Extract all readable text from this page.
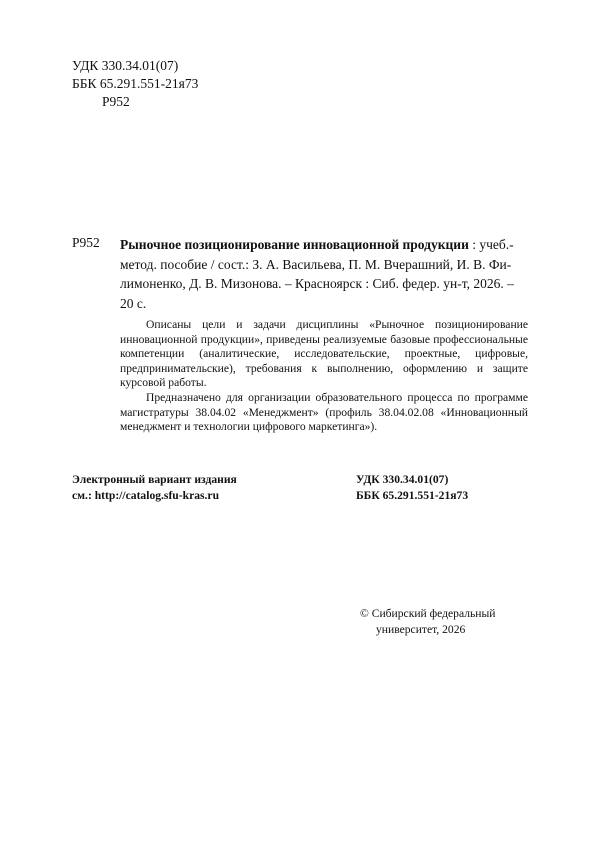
УДК 330.34.01(07)
ББК 65.291.551-21я73
Р952
Р952 Рыночное позиционирование инновационной продукции : учеб.-
метод. пособие / сост.: З. А. Васильева, П. М. Вчерашний, И. В. Фи-
лимоненко, Д. В. Мизонова. – Красноярск : Сиб. федер. ун-т, 2026. –
20 с.

Описаны цели и задачи дисциплины «Рыночное позиционирование инновационной продукции», приведены реализуемые базовые профессиональные компетенции (аналитические, исследовательские, проектные, цифровые, предпринимательские), требования к выполнению, оформлению и защите курсовой работы.

Предназначено для организации образовательного процесса по программе магистратуры 38.04.02 «Менеджмент» (профиль 38.04.02.08 «Инновационный менеджмент и технологии цифрового маркетинга»).

Электронный вариант издания
см.: http://catalog.sfu-kras.ru
УДК 330.34.01(07)
ББК 65.291.551-21я73
© Сибирский федеральный
университет, 2026
